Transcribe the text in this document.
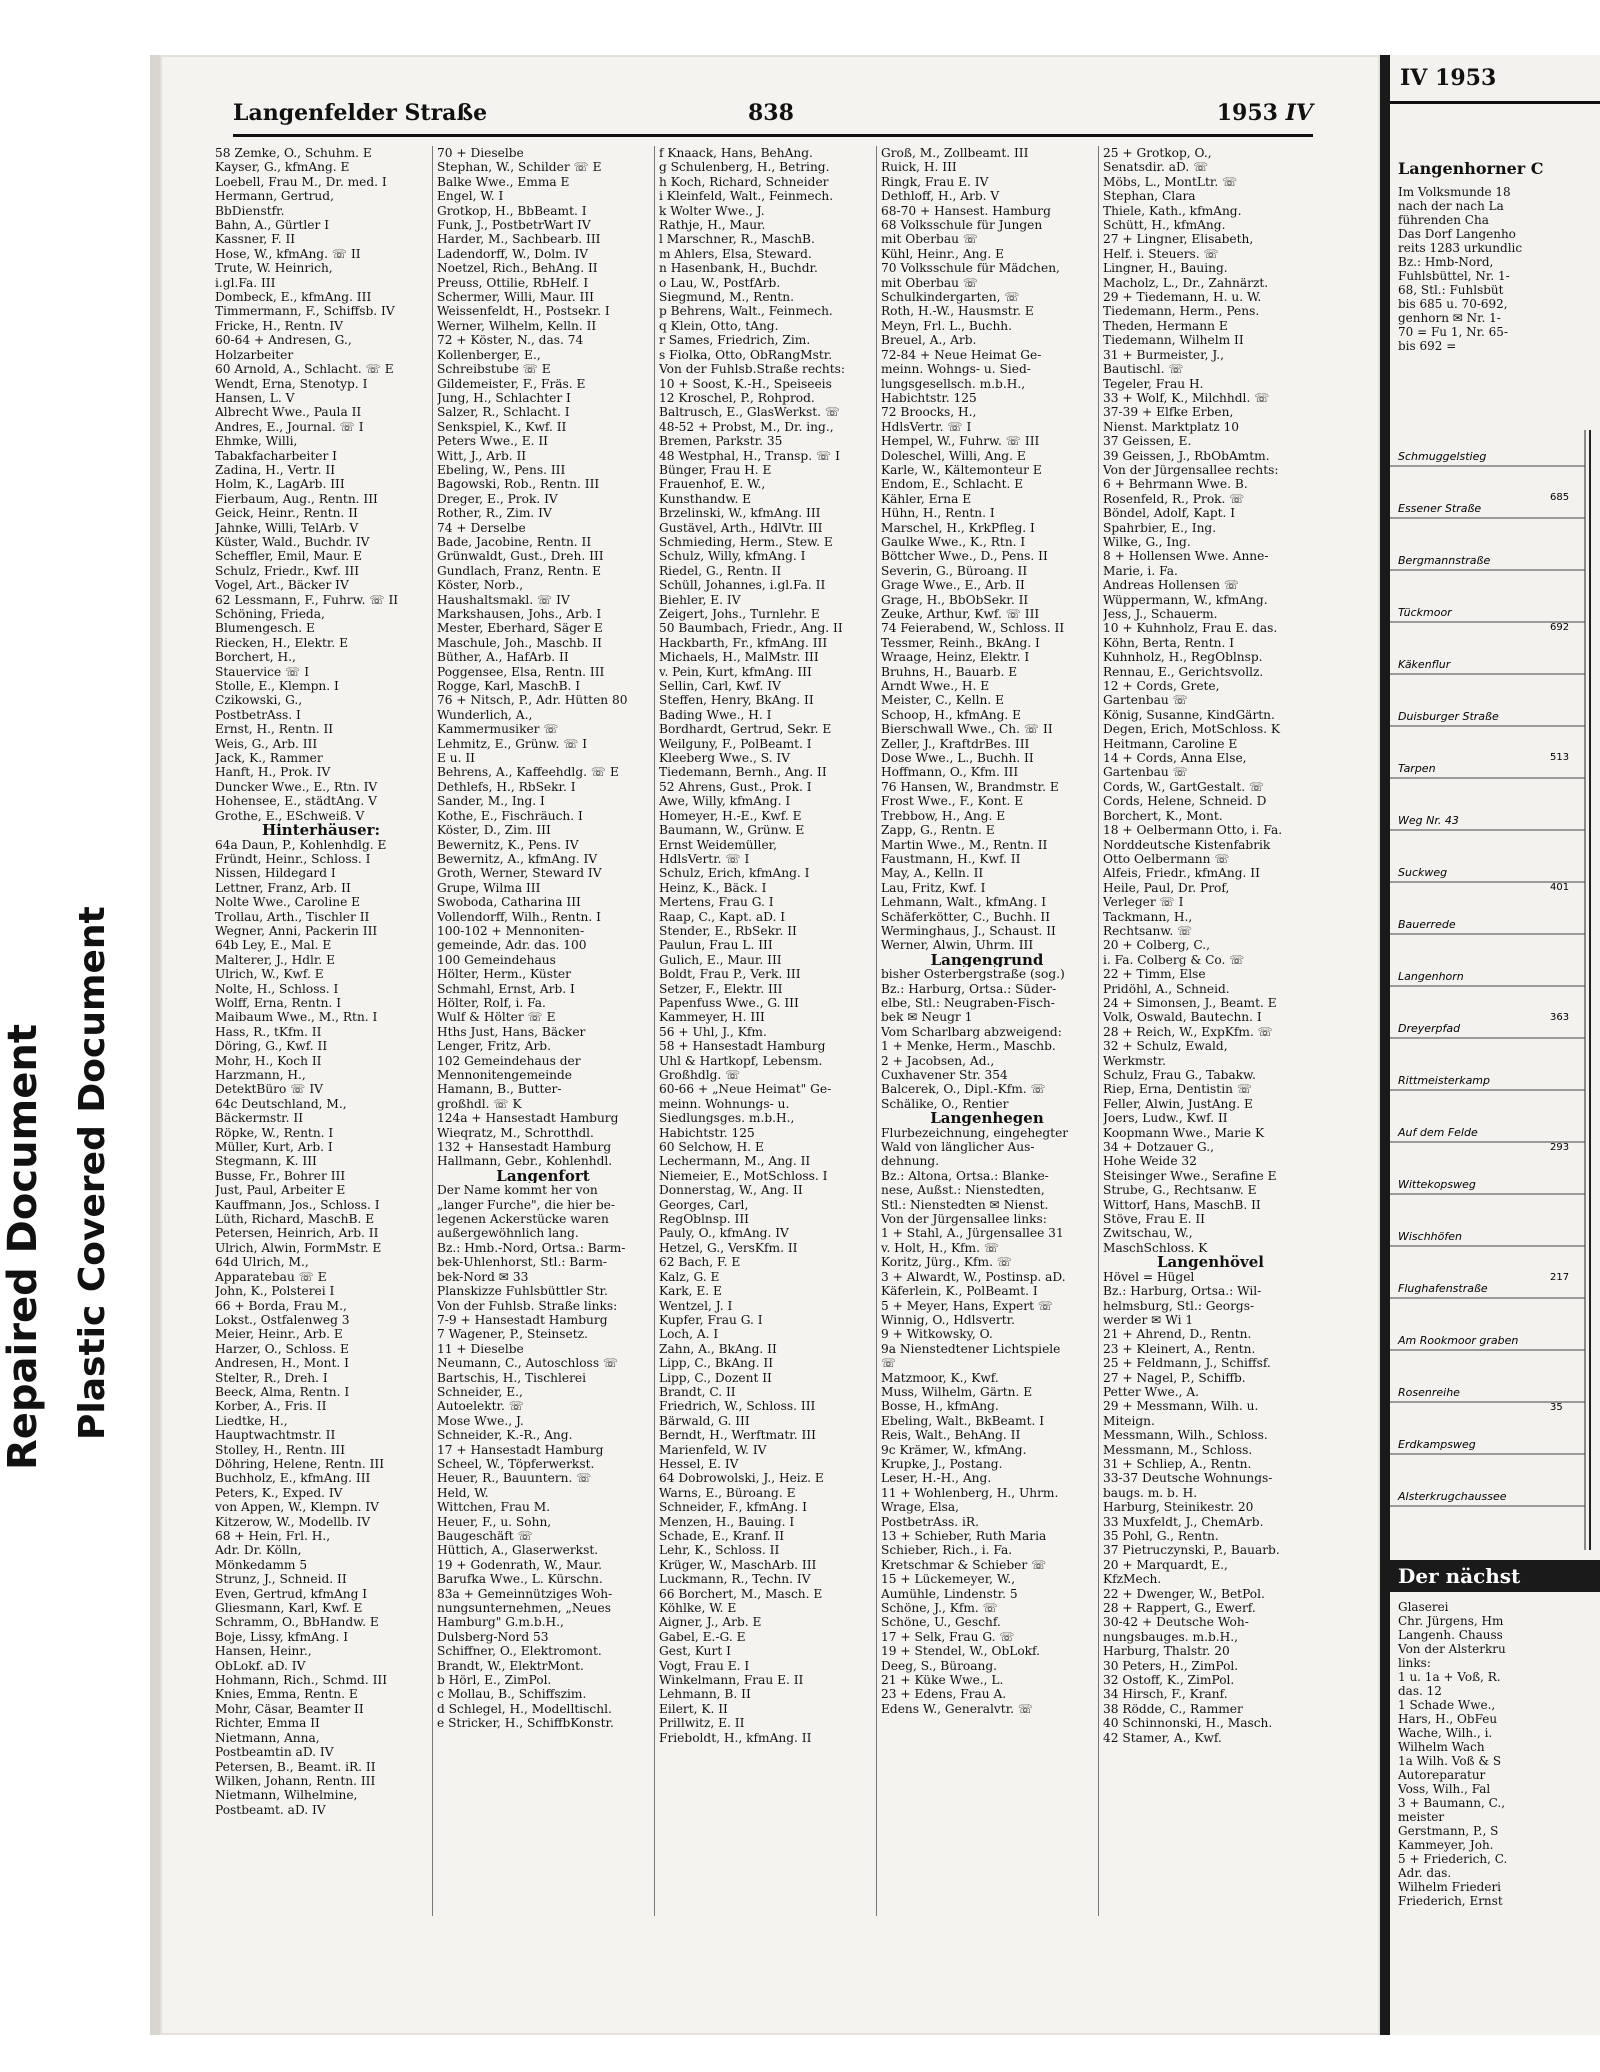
Repaired Document Plastic Covered Document
Langenfelder Straße	838	1953 IV
58 Zemke, O., Schuhm. E
Kayser, G., kfmAng. E
Loebell, Frau M., Dr. med. I
Hermann, Gertrud,
BbDienstfr.
Bahn, A., Gürtler I
Kassner, F. II
Hose, W., kfmAng. ☏ II
Trute, W. Heinrich,
i.gl.Fa. III
Dombeck, E., kfmAng. III
Timmermann, F., Schiffsb. IV
Fricke, H., Rentn. IV
60-64 + Andresen, G.,
Holzarbeiter
60 Arnold, A., Schlacht. ☏ E
Wendt, Erna, Stenotyp. I
Hansen, L. V
Albrecht Wwe., Paula II
Andres, E., Journal. ☏ I
Ehmke, Willi,
Tabakfacharbeiter I
Zadina, H., Vertr. II
Holm, K., LagArb. III
Fierbaum, Aug., Rentn. III
Geick, Heinr., Rentn. II
Jahnke, Willi, TelArb. V
Küster, Wald., Buchdr. IV
Scheffler, Emil, Maur. E
Schulz, Friedr., Kwf. III
Vogel, Art., Bäcker IV
62 Lessmann, F., Fuhrw. ☏ II
Schöning, Frieda,
Blumengesch. E
Riecken, H., Elektr. E
Borchert, H.,
Stauervice ☏ I
Stolle, E., Klempn. I
Czikowski, G.,
PostbetrAss. I
Ernst, H., Rentn. II
Weis, G., Arb. III
Jack, K., Rammer
Hanft, H., Prok. IV
Duncker Wwe., E., Rtn. IV
Hohensee, E., städtAng. V
Grothe, E., ESchweiß. V
Hinterhäuser:
64a Daun, P., Kohlenhdlg. E
Fründt, Heinr., Schloss. I
Nissen, Hildegard I
Lettner, Franz, Arb. II
Nolte Wwe., Caroline E
Trollau, Arth., Tischler II
Wegner, Anni, Packerin III
64b Ley, E., Mal. E
Malterer, J., Hdlr. E
Ulrich, W., Kwf. E
Nolte, H., Schloss. I
Wolff, Erna, Rentn. I
Maibaum Wwe., M., Rtn. I
Hass, R., tKfm. II
Döring, G., Kwf. II
Mohr, H., Koch II
Harzmann, H.,
DetektBüro ☏ IV
64c Deutschland, M.,
Bäckermstr. II
Röpke, W., Rentn. I
Müller, Kurt, Arb. I
Stegmann, K. III
Busse, Fr., Bohrer III
Just, Paul, Arbeiter E
Kauffmann, Jos., Schloss. I
Lüth, Richard, MaschB. E
Petersen, Heinrich, Arb. II
Ulrich, Alwin, FormMstr. E
64d Ulrich, M.,
Apparatebau ☏ E
John, K., Polsterei I
66 + Borda, Frau M.,
Lokst., Ostfalenweg 3
Meier, Heinr., Arb. E
Harzer, O., Schloss. E
Andresen, H., Mont. I
Stelter, R., Dreh. I
Beeck, Alma, Rentn. I
Korber, A., Fris. II
Liedtke, H.,
Hauptwachtmstr. II
Stolley, H., Rentn. III
Döhring, Helene, Rentn. III
Buchholz, E., kfmAng. III
Peters, K., Exped. IV
von Appen, W., Klempn. IV
Kitzerow, W., Modellb. IV
68 + Hein, Frl. H.,
Adr. Dr. Kölln,
Mönkedamm 5
Strunz, J., Schneid. II
Even, Gertrud, kfmAng I
Gliesmann, Karl, Kwf. E
Schramm, O., BbHandw. E
Boje, Lissy, kfmAng. I
Hansen, Heinr.,
ObLokf. aD. IV
Hohmann, Rich., Schmd. III
Knies, Emma, Rentn. E
Mohr, Cäsar, Beamter II
Richter, Emma II
Nietmann, Anna,
Postbeamtin aD. IV
Petersen, B., Beamt. iR. II
Wilken, Johann, Rentn. III
Nietmann, Wilhelmine,
Postbeamt. aD. IV
70 + Dieselbe
Stephan, W., Schilder ☏ E
Balke Wwe., Emma E
Engel, W. I
Grotkop, H., BbBeamt. I
Funk, J., PostbetrWart IV
Harder, M., Sachbearb. III
Ladendorff, W., Dolm. IV
Noetzel, Rich., BehAng. II
Preuss, Ottilie, RbHelf. I
Schermer, Willi, Maur. III
Weissenfeldt, H., Postsekr. I
Werner, Wilhelm, Kelln. II
72 + Köster, N., das. 74
Kollenberger, E.,
Schreibstube ☏ E
Gildemeister, F., Fräs. E
Jung, H., Schlachter I
Salzer, R., Schlacht. I
Senkspiel, K., Kwf. II
Peters Wwe., E. II
Witt, J., Arb. II
Ebeling, W., Pens. III
Bagowski, Rob., Rentn. III
Dreger, E., Prok. IV
Rother, R., Zim. IV
74 + Derselbe
Bade, Jacobine, Rentn. II
Grünwaldt, Gust., Dreh. III
Gundlach, Franz, Rentn. E
Köster, Norb.,
Haushaltsmakl. ☏ IV
Markshausen, Johs., Arb. I
Mester, Eberhard, Säger E
Maschule, Joh., Maschb. II
Büther, A., HafArb. II
Poggensee, Elsa, Rentn. III
Rogge, Karl, MaschB. I
76 + Nitsch, P., Adr. Hütten 80
Wunderlich, A.,
Kammermusiker ☏
Lehmitz, E., Grünw. ☏ I
E u. II
Behrens, A., Kaffeehdlg. ☏ E
Dethlefs, H., RbSekr. I
Sander, M., Ing. I
Kothe, E., Fischräuch. I
Köster, D., Zim. III
Bewernitz, K., Pens. IV
Bewernitz, A., kfmAng. IV
Groth, Werner, Steward IV
Grupe, Wilma III
Swoboda, Catharina III
Vollendorff, Wilh., Rentn. I
100-102 + Mennoniten-
gemeinde, Adr. das. 100
100 Gemeindehaus
Hölter, Herm., Küster
Schmahl, Ernst, Arb. I
Hölter, Rolf, i. Fa.
Wulf & Hölter ☏ E
Hths Just, Hans, Bäcker
Lenger, Fritz, Arb.
102 Gemeindehaus der
Mennonitengemeinde
Hamann, B., Butter-
großhdl. ☏ K
124a + Hansestadt Hamburg
Wieqratz, M., Schrotthdl.
132 + Hansestadt Hamburg
Hallmann, Gebr., Kohlenhdl.
Langenfort
Der Name kommt her von
„langer Furche", die hier be-
legenen Ackerstücke waren
außergewöhnlich lang.
Bz.: Hmb.-Nord, Ortsa.: Barm-
bek-Uhlenhorst, Stl.: Barm-
bek-Nord ✉ 33
Planskizze Fuhlsbüttler Str.
Von der Fuhlsb. Straße links:
7-9 + Hansestadt Hamburg
7 Wagener, P., Steinsetz.
11 + Dieselbe
Neumann, C., Autoschloss ☏
Bartschis, H., Tischlerei
Schneider, E.,
Autoelektr. ☏
Mose Wwe., J.
Schneider, K.-R., Ang.
17 + Hansestadt Hamburg
Scheel, W., Töpferwerkst.
Heuer, R., Bauuntern. ☏
Held, W.
Wittchen, Frau M.
Heuer, F., u. Sohn,
Baugeschäft ☏
Hüttich, A., Glaserwerkst.
19 + Godenrath, W., Maur.
Barufka Wwe., L. Kürschn.
83a + Gemeinnütziges Woh-
nungsunternehmen, „Neues
Hamburg" G.m.b.H.,
Dulsberg-Nord 53
Schiffner, O., Elektromont.
Brandt, W., ElektrMont.
b Hörl, E., ZimPol.
c Mollau, B., Schiffszim.
d Schlegel, H., Modelltischl.
e Stricker, H., SchiffbKonstr.
f Knaack, Hans, BehAng.
g Schulenberg, H., Betring.
h Koch, Richard, Schneider
i Kleinfeld, Walt., Feinmech.
k Wolter Wwe., J.
Rathje, H., Maur.
l Marschner, R., MaschB.
m Ahlers, Elsa, Steward.
n Hasenbank, H., Buchdr.
o Lau, W., PostfArb.
Siegmund, M., Rentn.
p Behrens, Walt., Feinmech.
q Klein, Otto, tAng.
r Sames, Friedrich, Zim.
s Fiolka, Otto, ObRangMstr.
Von der Fuhlsb.Straße rechts:
10 + Soost, K.-H., Speiseeis
12 Kroschel, P., Rohprod.
Baltrusch, E., GlasWerkst. ☏
48-52 + Probst, M., Dr. ing.,
Bremen, Parkstr. 35
48 Westphal, H., Transp. ☏ I
Bünger, Frau H. E
Frauenhof, E. W.,
Kunsthandw. E
Brzelinski, W., kfmAng. III
Gustävel, Arth., HdlVtr. III
Schmieding, Herm., Stew. E
Schulz, Willy, kfmAng. I
Riedel, G., Rentn. II
Schüll, Johannes, i.gl.Fa. II
Biehler, E. IV
Zeigert, Johs., Turnlehr. E
50 Baumbach, Friedr., Ang. II
Hackbarth, Fr., kfmAng. III
Michaels, H., MalMstr. III
v. Pein, Kurt, kfmAng. III
Sellin, Carl, Kwf. IV
Steffen, Henry, BkAng. II
Bading Wwe., H. I
Bordhardt, Gertrud, Sekr. E
Weilguny, F., PolBeamt. I
Kleeberg Wwe., S. IV
Tiedemann, Bernh., Ang. II
52 Ahrens, Gust., Prok. I
Awe, Willy, kfmAng. I
Homeyer, H.-E., Kwf. E
Baumann, W., Grünw. E
Ernst Weidemüller,
HdlsVertr. ☏ I
Schulz, Erich, kfmAng. I
Heinz, K., Bäck. I
Mertens, Frau G. I
Raap, C., Kapt. aD. I
Stender, E., RbSekr. II
Paulun, Frau L. III
Gulich, E., Maur. III
Boldt, Frau P., Verk. III
Setzer, F., Elektr. III
Papenfuss Wwe., G. III
Kammeyer, H. III
56 + Uhl, J., Kfm.
58 + Hansestadt Hamburg
Uhl & Hartkopf, Lebensm.
Großhdlg. ☏
60-66 + „Neue Heimat" Ge-
meinn. Wohnungs- u.
Siedlungsges. m.b.H.,
Habichtstr. 125
60 Selchow, H. E
Lechermann, M., Ang. II
Niemeier, E., MotSchloss. I
Donnerstag, W., Ang. II
Georges, Carl,
RegOblnsp. III
Pauly, O., kfmAng. IV
Hetzel, G., VersKfm. II
62 Bach, F. E
Kalz, G. E
Kark, E. E
Wentzel, J. I
Kupfer, Frau G. I
Loch, A. I
Zahn, A., BkAng. II
Lipp, C., BkAng. II
Lipp, C., Dozent II
Brandt, C. II
Friedrich, W., Schloss. III
Bärwald, G. III
Berndt, H., Werftmatr. III
Marienfeld, W. IV
Hessel, E. IV
64 Dobrowolski, J., Heiz. E
Warns, E., Büroang. E
Schneider, F., kfmAng. I
Menzen, H., Bauing. I
Schade, E., Kranf. II
Lehr, K., Schloss. II
Krüger, W., MaschArb. III
Luckmann, R., Techn. IV
66 Borchert, M., Masch. E
Köhlke, W. E
Aigner, J., Arb. E
Gabel, E.-G. E
Gest, Kurt I
Vogt, Frau E. I
Winkelmann, Frau E. II
Lehmann, B. II
Eilert, K. II
Prillwitz, E. II
Frieboldt, H., kfmAng. II
Groß, M., Zollbeamt. III
Ruick, H. III
Ringk, Frau E. IV
Dethloff, H., Arb. V
68-70 + Hansest. Hamburg
68 Volksschule für Jungen
mit Oberbau ☏
Kühl, Heinr., Ang. E
70 Volksschule für Mädchen,
mit Oberbau ☏
Schulkindergarten, ☏
Roth, H.-W., Hausmstr. E
Meyn, Frl. L., Buchh.
Breuel, A., Arb.
72-84 + Neue Heimat Ge-
meinn. Wohngs- u. Sied-
lungsgesellsch. m.b.H.,
Habichtstr. 125
72 Broocks, H.,
HdlsVertr. ☏ I
Hempel, W., Fuhrw. ☏ III
Doleschel, Willi, Ang. E
Karle, W., Kältemonteur E
Endom, E., Schlacht. E
Kähler, Erna E
Hühn, H., Rentn. I
Marschel, H., KrkPfleg. I
Gaulke Wwe., K., Rtn. I
Böttcher Wwe., D., Pens. II
Severin, G., Büroang. II
Grage Wwe., E., Arb. II
Grage, H., BbObSekr. II
Zeuke, Arthur, Kwf. ☏ III
74 Feierabend, W., Schloss. II
Tessmer, Reinh., BkAng. I
Wraage, Heinz, Elektr. I
Bruhns, H., Bauarb. E
Arndt Wwe., H. E
Meister, C., Kelln. E
Schoop, H., kfmAng. E
Bierschwall Wwe., Ch. ☏ II
Zeller, J., KraftdrBes. III
Dose Wwe., L., Buchh. II
Hoffmann, O., Kfm. III
76 Hansen, W., Brandmstr. E
Frost Wwe., F., Kont. E
Trebbow, H., Ang. E
Zapp, G., Rentn. E
Martin Wwe., M., Rentn. II
Faustmann, H., Kwf. II
May, A., Kelln. II
Lau, Fritz, Kwf. I
Lehmann, Walt., kfmAng. I
Schäferkötter, C., Buchh. II
Werminghaus, J., Schaust. II
Werner, Alwin, Uhrm. III
Langengrund
bisher Osterbergstraße (sog.)
Bz.: Harburg, Ortsa.: Süder-
elbe, Stl.: Neugraben-Fisch-
bek ✉ Neugr 1
Vom Scharlbarg abzweigend:
1 + Menke, Herm., Maschb.
2 + Jacobsen, Ad.,
Cuxhavener Str. 354
Balcerek, O., Dipl.-Kfm. ☏
Schälike, O., Rentier
Langenhegen
Flurbezeichnung, eingehegter
Wald von länglicher Aus-
dehnung.
Bz.: Altona, Ortsa.: Blanke-
nese, Außst.: Nienstedten,
Stl.: Nienstedten ✉ Nienst.
Von der Jürgensallee links:
1 + Stahl, A., Jürgensallee 31
v. Holt, H., Kfm. ☏
Koritz, Jürg., Kfm. ☏
3 + Alwardt, W., Postinsp. aD.
Käferlein, K., PolBeamt. I
5 + Meyer, Hans, Expert ☏
Winnig, O., Hdlsvertr.
9 + Witkowsky, O.
9a Nienstedtener Lichtspiele
☏
Matzmoor, K., Kwf.
Muss, Wilhelm, Gärtn. E
Bosse, H., kfmAng.
Ebeling, Walt., BkBeamt. I
Reis, Walt., BehAng. II
9c Krämer, W., kfmAng.
Krupke, J., Postang.
Leser, H.-H., Ang.
11 + Wohlenberg, H., Uhrm.
Wrage, Elsa,
PostbetrAss. iR.
13 + Schieber, Ruth Maria
Schieber, Rich., i. Fa.
Kretschmar & Schieber ☏
15 + Lückemeyer, W.,
Aumühle, Lindenstr. 5
Schöne, J., Kfm. ☏
Schöne, U., Geschf.
17 + Selk, Frau G. ☏
19 + Stendel, W., ObLokf.
Deeg, S., Büroang.
21 + Küke Wwe., L.
23 + Edens, Frau A.
Edens W., Generalvtr. ☏
25 + Grotkop, O.,
Senatsdir. aD. ☏
Möbs, L., MontLtr. ☏
Stephan, Clara
Thiele, Kath., kfmAng.
Schütt, H., kfmAng.
27 + Lingner, Elisabeth,
Helf. i. Steuers. ☏
Lingner, H., Bauing.
Macholz, L., Dr., Zahnärzt.
29 + Tiedemann, H. u. W.
Tiedemann, Herm., Pens.
Theden, Hermann E
Tiedemann, Wilhelm II
31 + Burmeister, J.,
Bautischl. ☏
Tegeler, Frau H.
33 + Wolf, K., Milchhdl. ☏
37-39 + Elfke Erben,
Nienst. Marktplatz 10
37 Geissen, E.
39 Geissen, J., RbObAmtm.
Von der Jürgensallee rechts:
6 + Behrmann Wwe. B.
Rosenfeld, R., Prok. ☏
Böndel, Adolf, Kapt. I
Spahrbier, E., Ing.
Wilke, G., Ing.
8 + Hollensen Wwe. Anne-
Marie, i. Fa.
Andreas Hollensen ☏
Wüppermann, W., kfmAng.
Jess, J., Schauerm.
10 + Kuhnholz, Frau E. das.
Köhn, Berta, Rentn. I
Kuhnholz, H., RegOblnsp.
Rennau, E., Gerichtsvollz.
12 + Cords, Grete,
Gartenbau ☏
König, Susanne, KindGärtn.
Degen, Erich, MotSchloss. K
Heitmann, Caroline E
14 + Cords, Anna Else,
Gartenbau ☏
Cords, W., GartGestalt. ☏
Cords, Helene, Schneid. D
Borchert, K., Mont.
18 + Oelbermann Otto, i. Fa.
Norddeutsche Kistenfabrik
Otto Oelbermann ☏
Alfeis, Friedr., kfmAng. II
Heile, Paul, Dr. Prof,
Verleger ☏ I
Tackmann, H.,
Rechtsanw. ☏
20 + Colberg, C.,
i. Fa. Colberg & Co. ☏
22 + Timm, Else
Pridöhl, A., Schneid.
24 + Simonsen, J., Beamt. E
Volk, Oswald, Bautechn. I
28 + Reich, W., ExpKfm. ☏
32 + Schulz, Ewald,
Werkmstr.
Schulz, Frau G., Tabakw.
Riep, Erna, Dentistin ☏
Feller, Alwin, JustAng. E
Joers, Ludw., Kwf. II
Koopmann Wwe., Marie K
34 + Dotzauer G.,
Hohe Weide 32
Steisinger Wwe., Serafine E
Strube, G., Rechtsanw. E
Wittorf, Hans, MaschB. II
Stöve, Frau E. II
Zwitschau, W.,
MaschSchloss. K
Langenhövel
Hövel = Hügel
Bz.: Harburg, Ortsa.: Wil-
helmsburg, Stl.: Georgs-
werder ✉ Wi 1
21 + Ahrend, D., Rentn.
23 + Kleinert, A., Rentn.
25 + Feldmann, J., Schiffsf.
27 + Nagel, P., Schiffb.
Petter Wwe., A.
29 + Messmann, Wilh. u.
Miteign.
Messmann, Wilh., Schloss.
Messmann, M., Schloss.
31 + Schliep, A., Rentn.
33-37 Deutsche Wohnungs-
baugs. m. b. H.
Harburg, Steinikestr. 20
33 Muxfeldt, J., ChemArb.
35 Pohl, G., Rentn.
37 Pietruczynski, P., Bauarb.
20 + Marquardt, E.,
KfzMech.
22 + Dwenger, W., BetPol.
28 + Rappert, G., Ewerf.
30-42 + Deutsche Woh-
nungsbauges. m.b.H.,
Harburg, Thalstr. 20
30 Peters, H., ZimPol.
32 Ostoff, K., ZimPol.
34 Hirsch, F., Kranf.
38 Rödde, C., Rammer
40 Schinnonski, H., Masch.
42 Stamer, A., Kwf.
IV 1953
Langenhorner C
Im Volksmunde 18
nach der nach La
führenden Cha
Das Dorf Langenho
reits 1283 urkundlic
Bz.: Hmb-Nord,
Fuhlsbüttel, Nr. 1-
68, Stl.: Fuhlsbüt
bis 685 u. 70-692,
genhorn ✉ Nr. 1-
70 = Fu 1, Nr. 65-
bis 692 =
Schmuggelstieg
Essener Straße
Bergmannstraße
Tückmoor
Käkenflur
Duisburger Straße
Tarpen
Weg Nr. 43
Suckweg
Bauerrede
Langenhorn
Dreyerpfad
Rittmeisterkamp
Auf dem Felde
Wittekopsweg
Wischhöfen
Flughafenstraße
Am Rookmoor graben
Rosenreihe
Erdkampsweg
Alsterkrugchaussee
685
692
513
401
363
293
217
35
Der nächst
Glaserei
Chr. Jürgens, Hm
Langenh. Chauss
Von der Alsterkru
links:
1 u. 1a + Voß, R.
das. 12
1 Schade Wwe.,
Hars, H., ObFeu
Wache, Wilh., i.
Wilhelm Wach
1a Wilh. Voß & S
Autoreparatur
Voss, Wilh., Fal
3 + Baumann, C.,
meister
Gerstmann, P., S
Kammeyer, Joh.
5 + Friederich, C.
Adr. das.
Wilhelm Friederi
Friederich, Ernst
